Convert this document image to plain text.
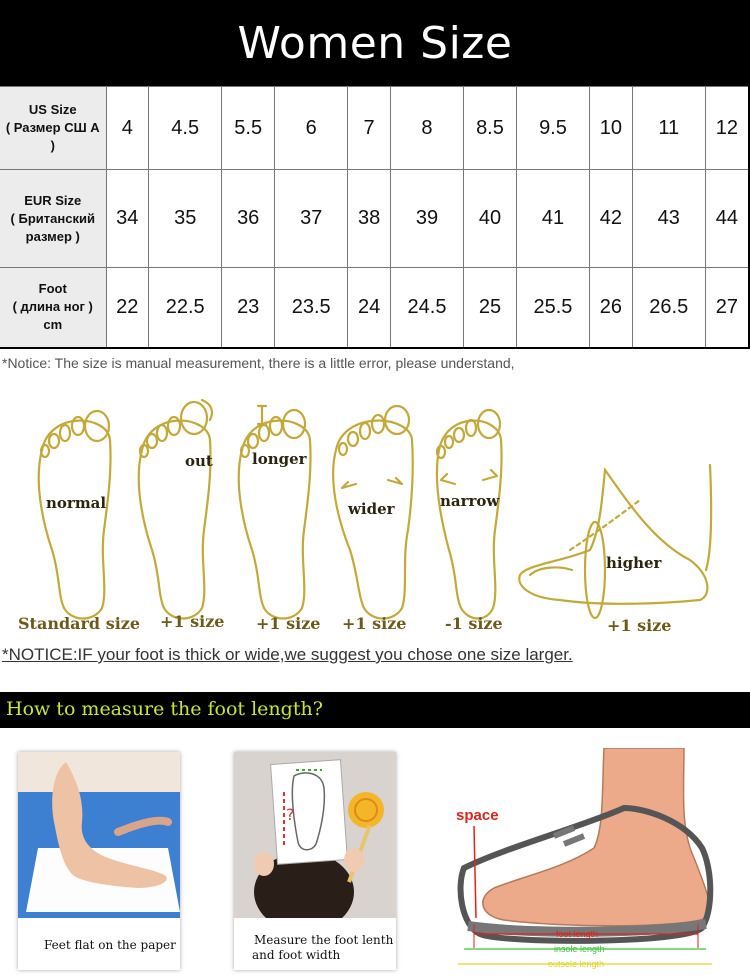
Women Size
US Size
( Размер СШ А )	4	4.5	5.5	6	7	8	8.5	9.5	10	11	12
EUR Size
( Британский размер )	34	35	36	37	38	39	40	41	42	43	44
Foot
( длина ног )
cm	22	22.5	23	23.5	24	24.5	25	25.5	26	26.5	27
*Notice: The size is manual measurement, there is a little error, please understand,
normal
Standard size
out
+1 size
longer
+1 size
wider
+1 size
narrow
-1 size
higher
+1 size
*NOTICE:IF your foot is thick or wide,we suggest you chose one size larger.
How to measure the foot length?
Feet flat on the paper
?
Measure the foot lenth
and foot width
space
foot length
insole length
outsole length
